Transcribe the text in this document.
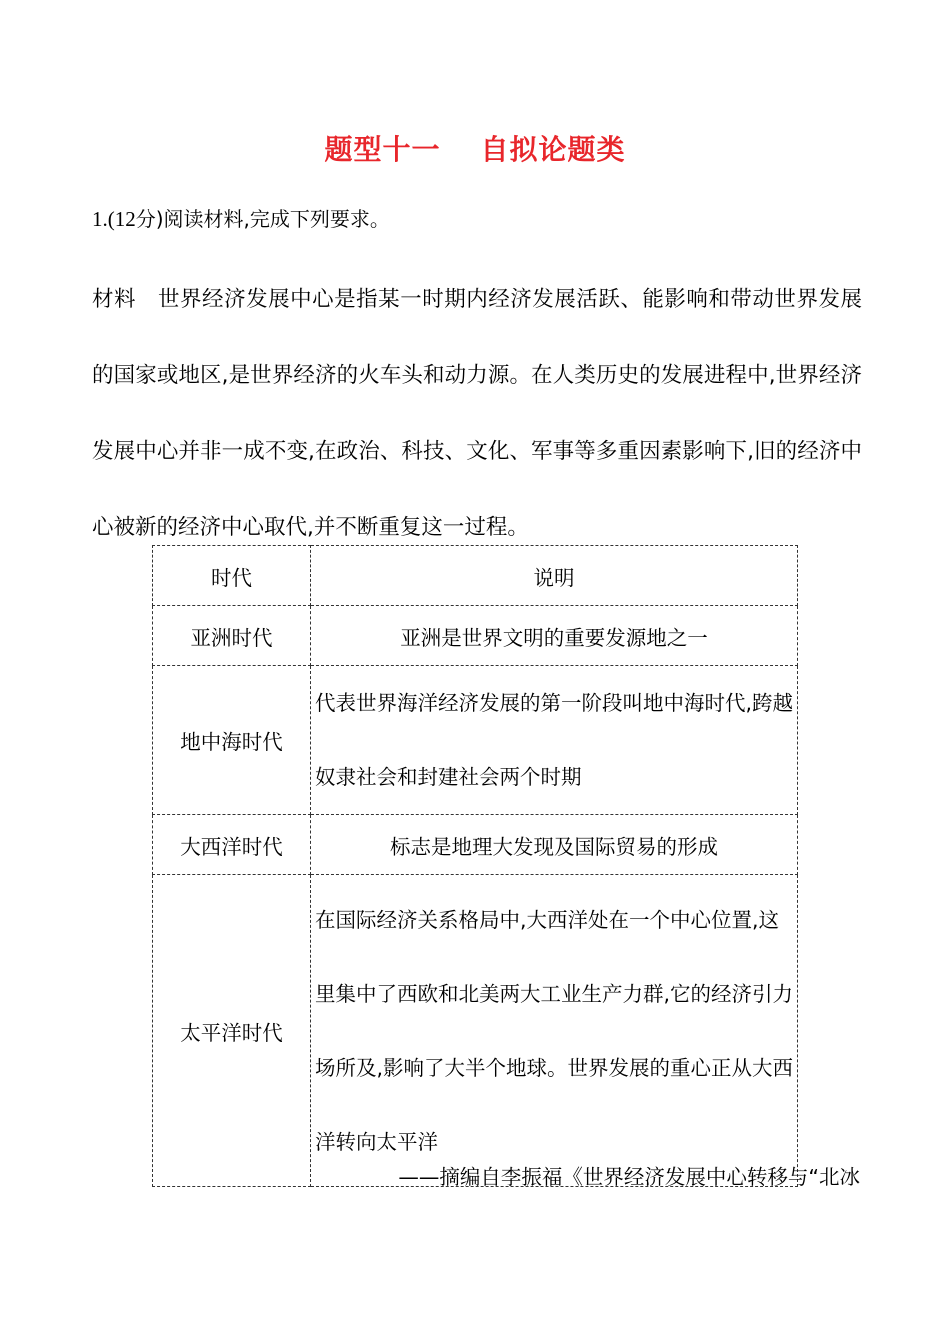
题型十一 自拟论题类
1.(12分)阅读材料,完成下列要求。
材料 世界经济发展中心是指某一时期内经济发展活跃、能影响和带动世界发展的国家或地区,是世界经济的火车头和动力源。在人类历史的发展进程中,世界经济发展中心并非一成不变,在政治、科技、文化、军事等多重因素影响下,旧的经济中心被新的经济中心取代,并不断重复这一过程。
时代	说明
亚洲时代	亚洲是世界文明的重要发源地之一
地中海时代	代表世界海洋经济发展的第一阶段叫地中海时代,跨越奴隶社会和封建社会两个时期
大西洋时代	标志是地理大发现及国际贸易的形成
太平洋时代	在国际经济关系格局中,大西洋处在一个中心位置,这里集中了西欧和北美两大工业生产力群,它的经济引力场所及,影响了大半个地球。世界发展的重心正从大西洋转向太平洋
——摘编自李振福《世界经济发展中心转移与“北冰
